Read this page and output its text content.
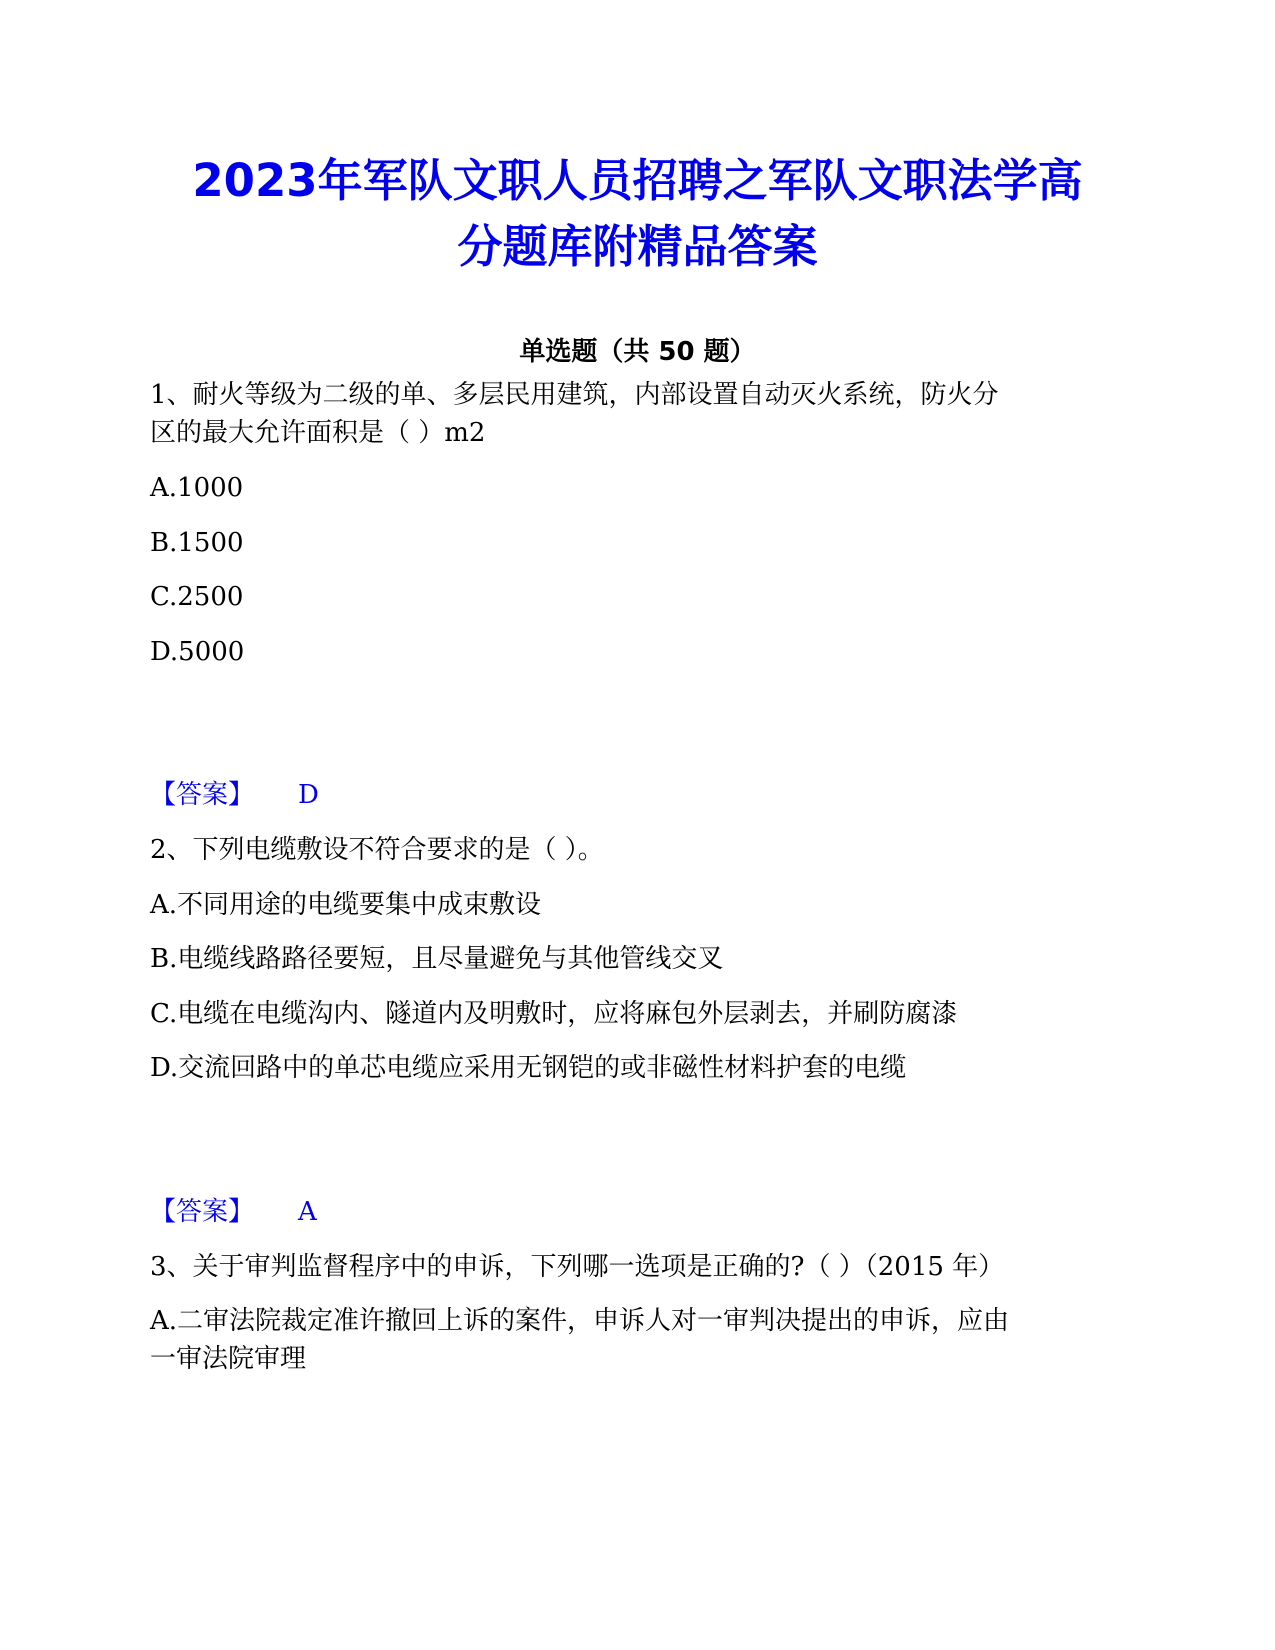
2023年军队文职人员招聘之军队文职法学高
分题库附精品答案
单选题（共 50 题）

1、耐火等级为二级的单、多层民用建筑，内部设置自动灭火系统，防火分

区的最大允许面积是（ ）m2

A.1000

B.1500

C.2500

D.5000

【答案】 D

2、下列电缆敷设不符合要求的是（ ）。

A.不同用途的电缆要集中成束敷设

B.电缆线路路径要短，且尽量避免与其他管线交叉

C.电缆在电缆沟内、隧道内及明敷时，应将麻包外层剥去，并刷防腐漆

D.交流回路中的单芯电缆应采用无钢铠的或非磁性材料护套的电缆

【答案】 A

3、关于审判监督程序中的申诉，下列哪一选项是正确的?（ ）（2015 年）

A.二审法院裁定准许撤回上诉的案件，申诉人对一审判决提出的申诉，应由

一审法院审理
